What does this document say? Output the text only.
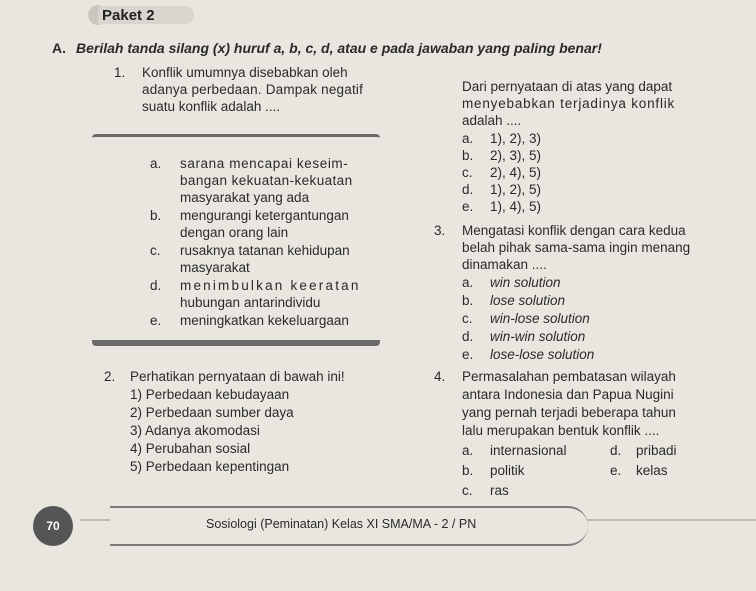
Paket 2
A. Berilah tanda silang (x) huruf a, b, c, d, atau e pada jawaban yang paling benar!
1. Konflik umumnya disebabkan oleh
adanya perbedaan. Dampak negatif
suatu konflik adalah ....
a. sarana mencapai keseim-
bangan kekuatan-kekuatan
masyarakat yang ada
b. mengurangi ketergantungan
dengan orang lain
c. rusaknya tatanan kehidupan
masyarakat
d. menimbulkan keeratan
hubungan antarindividu
e. meningkatkan kekeluargaan
2. Perhatikan pernyataan di bawah ini!
1) Perbedaan kebudayaan
2) Perbedaan sumber daya
3) Adanya akomodasi
4) Perubahan sosial
5) Perbedaan kepentingan
Dari pernyataan di atas yang dapat
menyebabkan terjadinya konflik
adalah ....
a. 1), 2), 3)
b. 2), 3), 5)
c. 2), 4), 5)
d. 1), 2), 5)
e. 1), 4), 5)
3. Mengatasi konflik dengan cara kedua
belah pihak sama-sama ingin menang
dinamakan ....
a. win solution
b. lose solution
c. win-lose solution
d. win-win solution
e. lose-lose solution
4. Permasalahan pembatasan wilayah
antara Indonesia dan Papua Nugini
yang pernah terjadi beberapa tahun
lalu merupakan bentuk konflik ....
a. internasional
b. politik
c. ras
d. pribadi
e. kelas
70	Sosiologi (Peminatan) Kelas XI SMA/MA - 2 / PN
